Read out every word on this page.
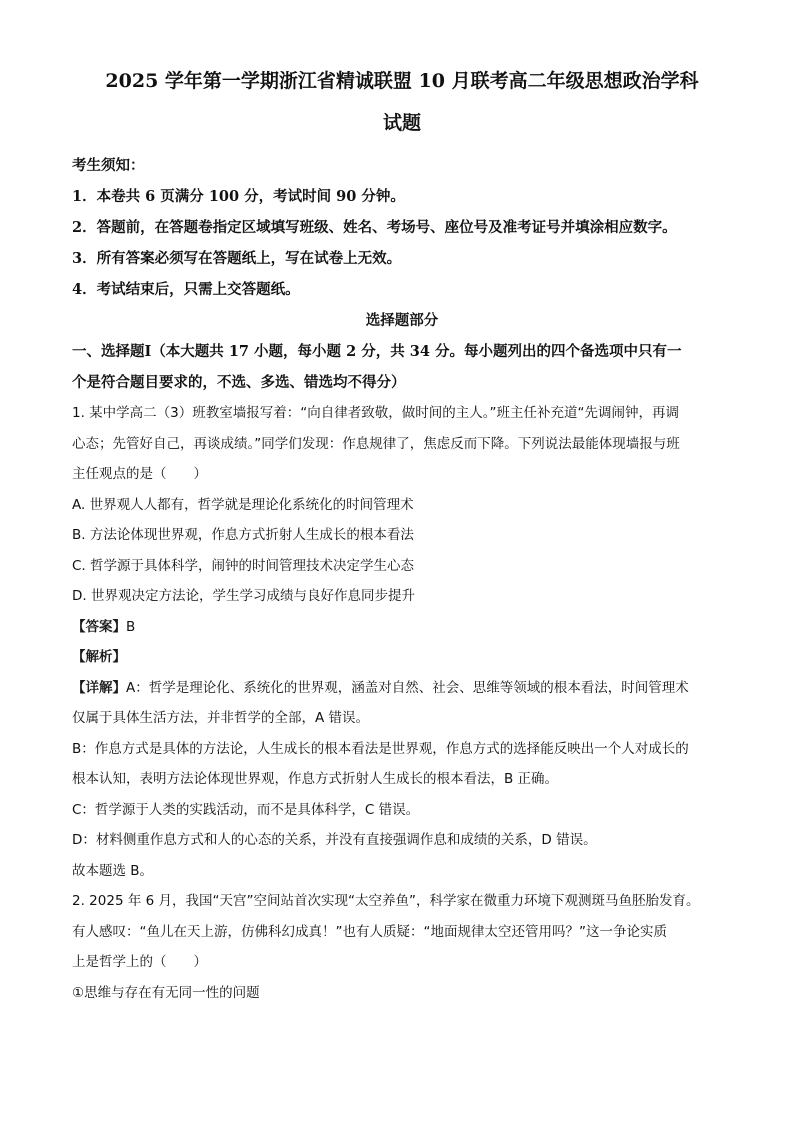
2025 学年第一学期浙江省精诚联盟 10 月联考高二年级思想政治学科
试题
考生须知：
1．本卷共 6 页满分 100 分，考试时间 90 分钟。
2．答题前，在答题卷指定区域填写班级、姓名、考场号、座位号及准考证号并填涂相应数字。
3．所有答案必须写在答题纸上，写在试卷上无效。
4．考试结束后，只需上交答题纸。
选择题部分
一、选择题Ⅰ（本大题共 17 小题，每小题 2 分，共 34 分。每小题列出的四个备选项中只有一
个是符合题目要求的，不选、多选、错选均不得分）
1. 某中学高二（3）班教室墙报写着：“向自律者致敬，做时间的主人。”班主任补充道“先调闹钟，再调
心态；先管好自己，再谈成绩。”同学们发现：作息规律了，焦虑反而下降。下列说法最能体现墙报与班
主任观点的是（　　）
A. 世界观人人都有，哲学就是理论化系统化的时间管理术
B. 方法论体现世界观，作息方式折射人生成长的根本看法
C. 哲学源于具体科学，闹钟的时间管理技术决定学生心态
D. 世界观决定方法论，学生学习成绩与良好作息同步提升
【答案】B
【解析】
【详解】A：哲学是理论化、系统化的世界观，涵盖对自然、社会、思维等领域的根本看法，时间管理术
仅属于具体生活方法，并非哲学的全部，A 错误。
B：作息方式是具体的方法论，人生成长的根本看法是世界观，作息方式的选择能反映出一个人对成长的
根本认知，表明方法论体现世界观，作息方式折射人生成长的根本看法，B 正确。
C：哲学源于人类的实践活动，而不是具体科学，C 错误。
D：材料侧重作息方式和人的心态的关系，并没有直接强调作息和成绩的关系，D 错误。
故本题选 B。
2. 2025 年 6 月，我国“天宫”空间站首次实现“太空养鱼”，科学家在微重力环境下观测斑马鱼胚胎发育。
有人感叹：“鱼儿在天上游，仿佛科幻成真！”也有人质疑：“地面规律太空还管用吗？”这一争论实质
上是哲学上的（　　）
①思维与存在有无同一性的问题
